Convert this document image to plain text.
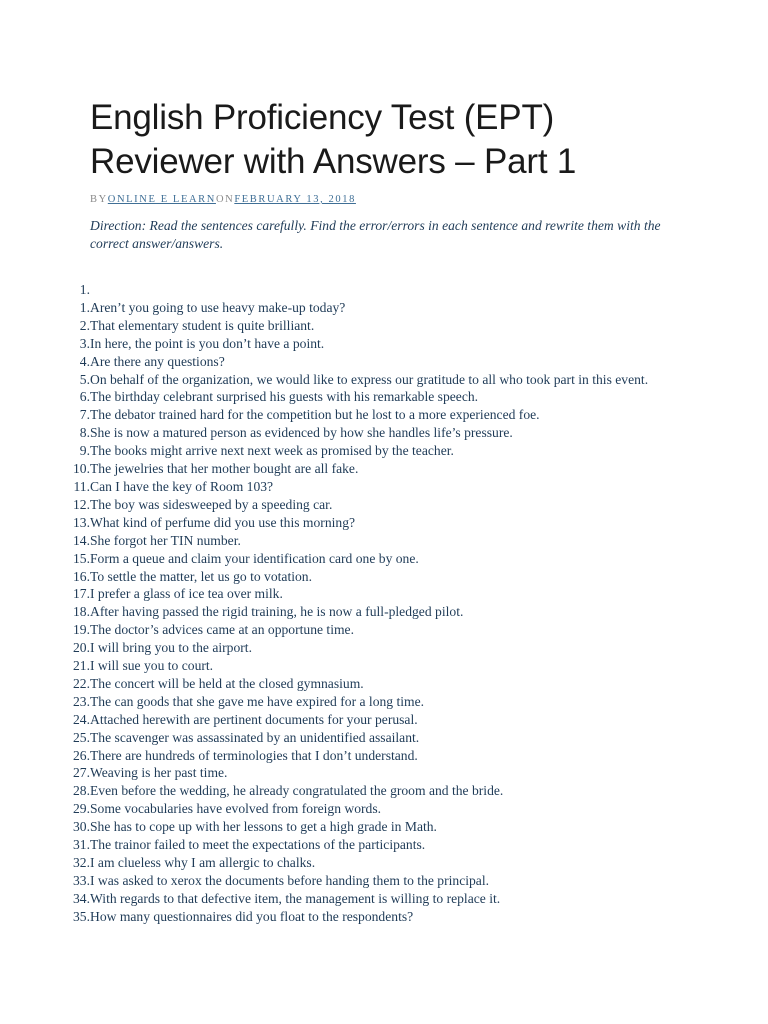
English Proficiency Test (EPT)
Reviewer with Answers – Part 1
BYONLINE E LEARNONFEBRUARY 13, 2018
Direction: Read the sentences carefully. Find the error/errors in each sentence and rewrite them with the correct answer/answers.
1.

1. Aren’t you going to use heavy make-up today?
2. That elementary student is quite brilliant.
3. In here, the point is you don’t have a point.
4. Are there any questions?
5. On behalf of the organization, we would like to express our gratitude to all who took part in this event.
6. The birthday celebrant surprised his guests with his remarkable speech.
7. The debator trained hard for the competition but he lost to a more experienced foe.
8. She is now a matured person as evidenced by how she handles life’s pressure.
9. The books might arrive next next week as promised by the teacher.
10. The jewelries that her mother bought are all fake.
11. Can I have the key of Room 103?
12. The boy was sidesweeped by a speeding car.
13. What kind of perfume did you use this morning?
14. She forgot her TIN number.
15. Form a queue and claim your identification card one by one.
16. To settle the matter, let us go to votation.
17. I prefer a glass of ice tea over milk.
18. After having passed the rigid training, he is now a full-pledged pilot.
19. The doctor’s advices came at an opportune time.
20. I will bring you to the airport.
21. I will sue you to court.
22. The concert will be held at the closed gymnasium.
23. The can goods that she gave me have expired for a long time.
24. Attached herewith are pertinent documents for your perusal.
25. The scavenger was assassinated by an unidentified assailant.
26. There are hundreds of terminologies that I don’t understand.
27. Weaving is her past time.
28. Even before the wedding, he already congratulated the groom and the bride.
29. Some vocabularies have evolved from foreign words.
30. She has to cope up with her lessons to get a high grade in Math.
31. The trainor failed to meet the expectations of the participants.
32. I am clueless why I am allergic to chalks.
33. I was asked to xerox the documents before handing them to the principal.
34. With regards to that defective item, the management is willing to replace it.
35. How many questionnaires did you float to the respondents?
